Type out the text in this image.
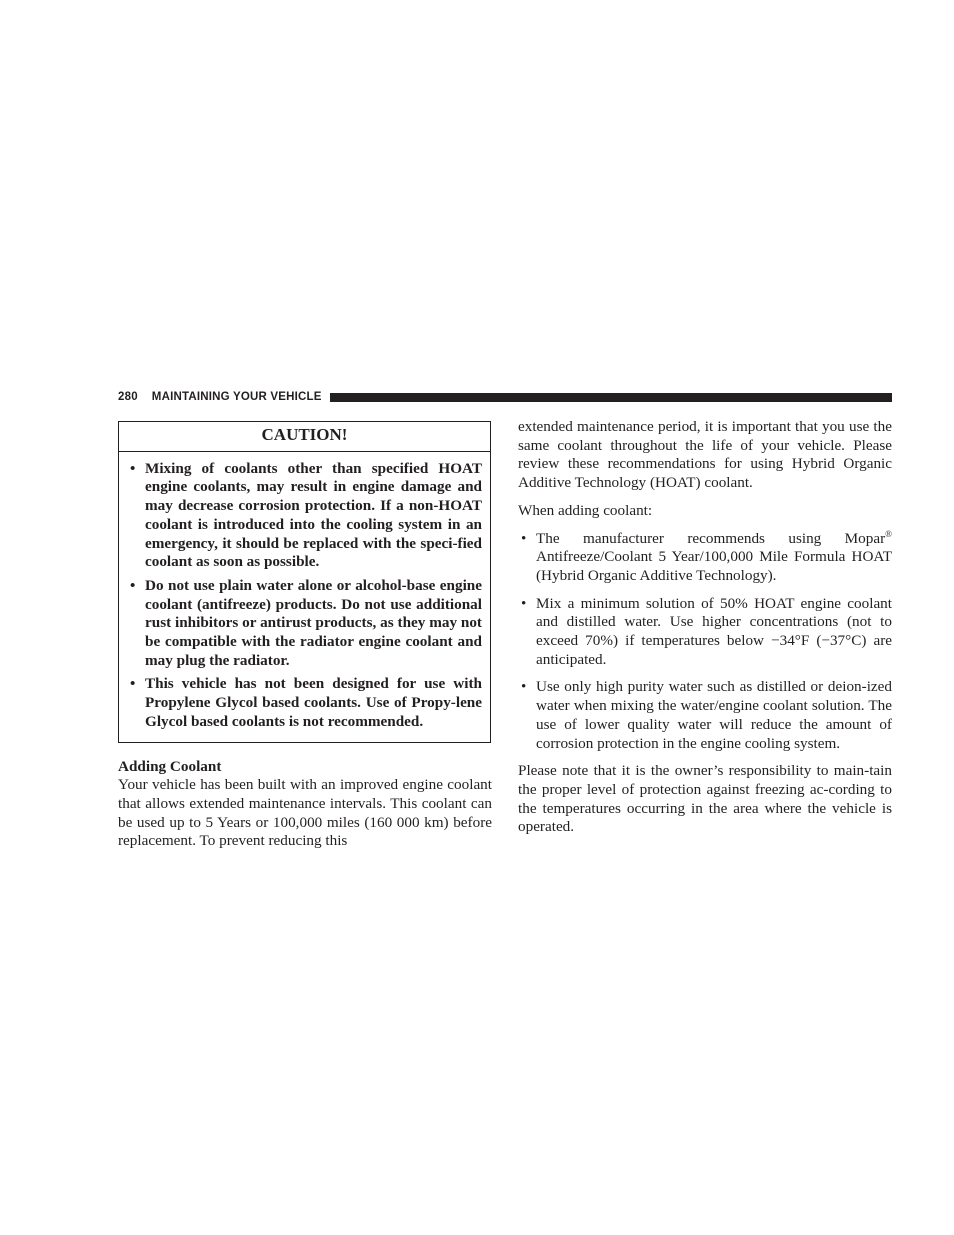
280 MAINTAINING YOUR VEHICLE
CAUTION!
• Mixing of coolants other than specified HOAT engine coolants, may result in engine damage and may decrease corrosion protection. If a non-HOAT coolant is introduced into the cooling system in an emergency, it should be replaced with the speci-fied coolant as soon as possible.
• Do not use plain water alone or alcohol-base engine coolant (antifreeze) products. Do not use additional rust inhibitors or antirust products, as they may not be compatible with the radiator engine coolant and may plug the radiator.
• This vehicle has not been designed for use with Propylene Glycol based coolants. Use of Propy-lene Glycol based coolants is not recommended.
Adding Coolant

Your vehicle has been built with an improved engine coolant that allows extended maintenance intervals. This coolant can be used up to 5 Years or 100,000 miles (160 000 km) before replacement. To prevent reducing this

extended maintenance period, it is important that you use the same coolant throughout the life of your vehicle. Please review these recommendations for using Hybrid Organic Additive Technology (HOAT) coolant.

When adding coolant:

• The manufacturer recommends using Mopar® Antifreeze/Coolant 5 Year/100,000 Mile Formula HOAT (Hybrid Organic Additive Technology).
• Mix a minimum solution of 50% HOAT engine coolant and distilled water. Use higher concentrations (not to exceed 70%) if temperatures below −34°F (−37°C) are anticipated.
• Use only high purity water such as distilled or deion-ized water when mixing the water/engine coolant solution. The use of lower quality water will reduce the amount of corrosion protection in the engine cooling system.

Please note that it is the owner’s responsibility to main-tain the proper level of protection against freezing ac-cording to the temperatures occurring in the area where the vehicle is operated.
